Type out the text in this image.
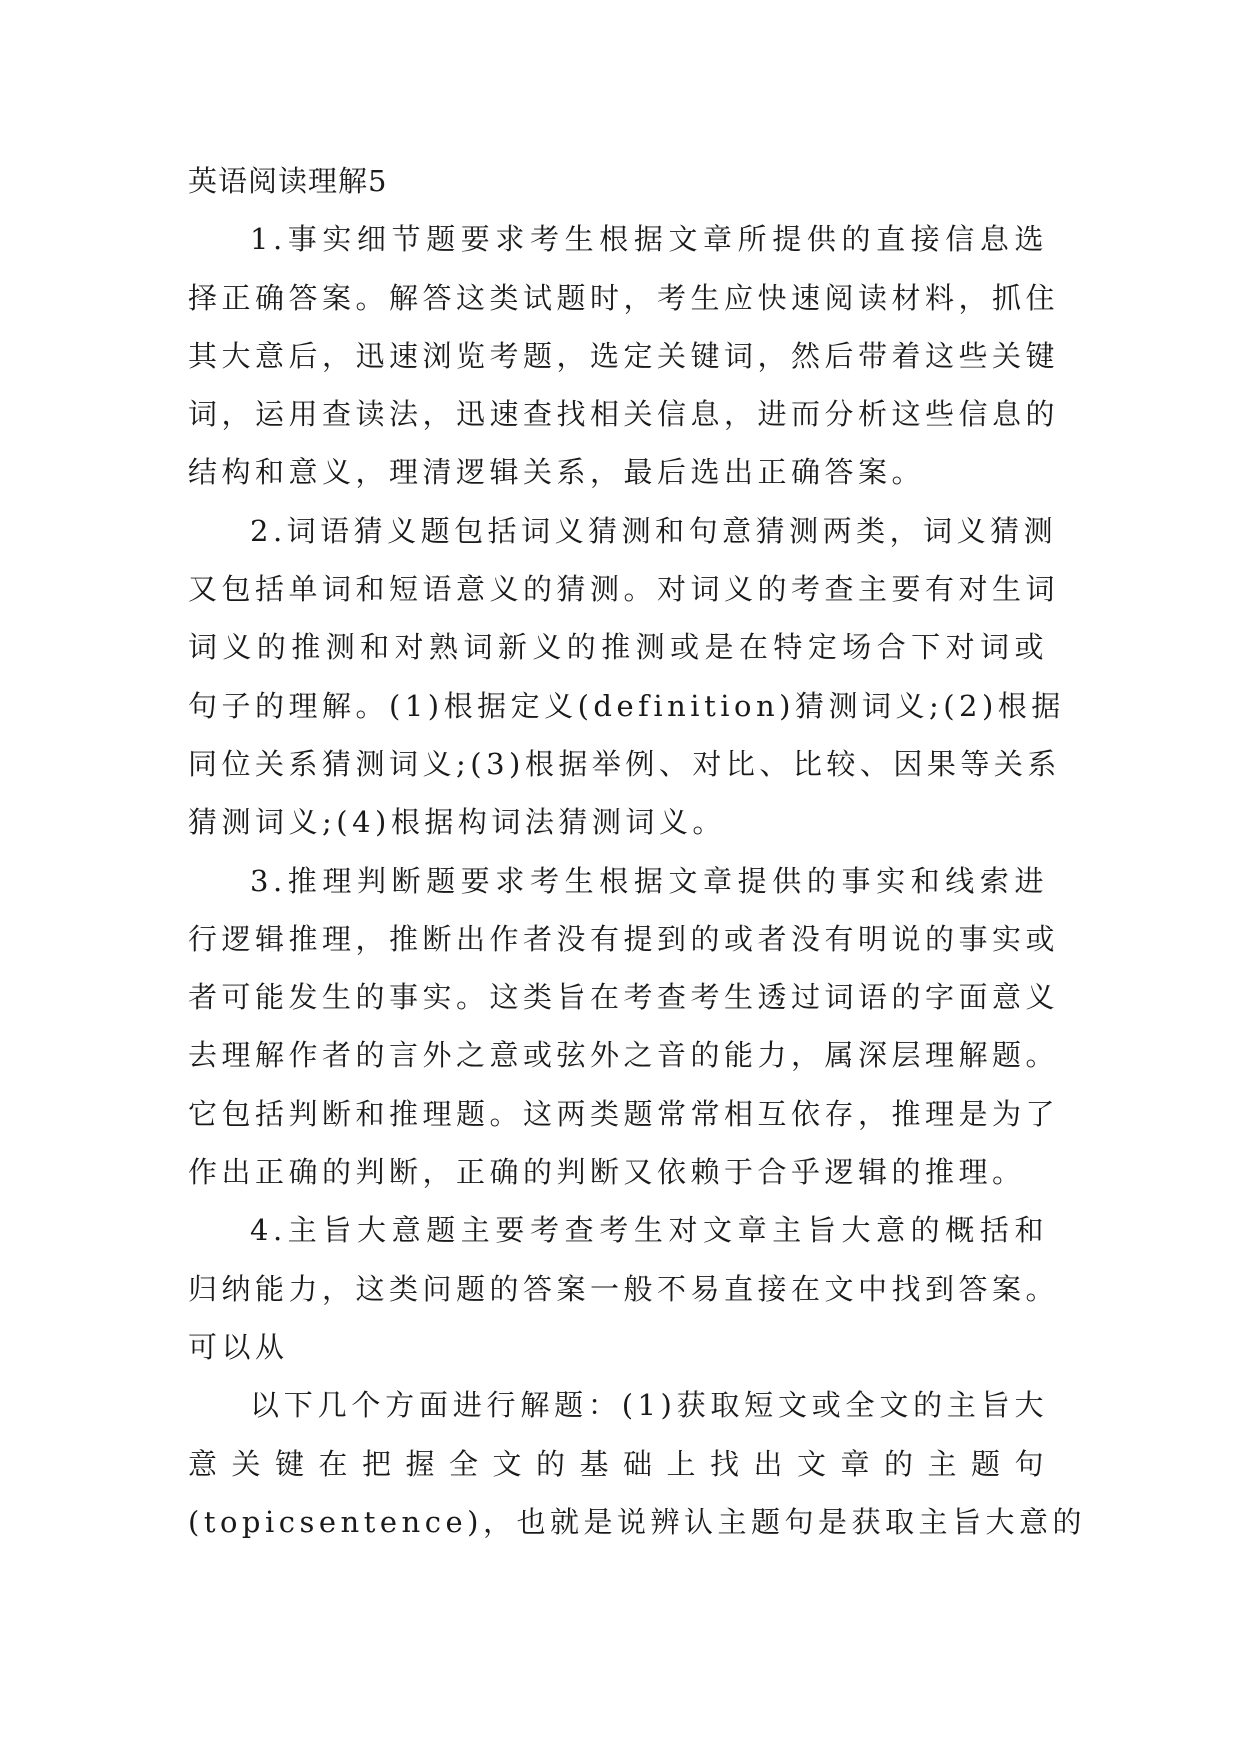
英语阅读理解5
1.事实细节题要求考生根据文章所提供的直接信息选
择正确答案。解答这类试题时，考生应快速阅读材料，抓住
其大意后，迅速浏览考题，选定关键词，然后带着这些关键
词，运用查读法，迅速查找相关信息，进而分析这些信息的
结构和意义，理清逻辑关系，最后选出正确答案。
2.词语猜义题包括词义猜测和句意猜测两类，词义猜测
又包括单词和短语意义的猜测。对词义的考查主要有对生词
词义的推测和对熟词新义的推测或是在特定场合下对词或
句子的理解。(1)根据定义(definition)猜测词义;(2)根据
同位关系猜测词义;(3)根据举例、对比、比较、因果等关系
猜测词义;(4)根据构词法猜测词义。
3.推理判断题要求考生根据文章提供的事实和线索进
行逻辑推理，推断出作者没有提到的或者没有明说的事实或
者可能发生的事实。这类旨在考查考生透过词语的字面意义
去理解作者的言外之意或弦外之音的能力，属深层理解题。
它包括判断和推理题。这两类题常常相互依存，推理是为了
作出正确的判断，正确的判断又依赖于合乎逻辑的推理。
4.主旨大意题主要考查考生对文章主旨大意的概括和
归纳能力，这类问题的答案一般不易直接在文中找到答案。
可以从
以下几个方面进行解题：(1)获取短文或全文的主旨大
意关键在把握全文的基础上找出文章的主题句
(topicsentence)，也就是说辨认主题句是获取主旨大意的
